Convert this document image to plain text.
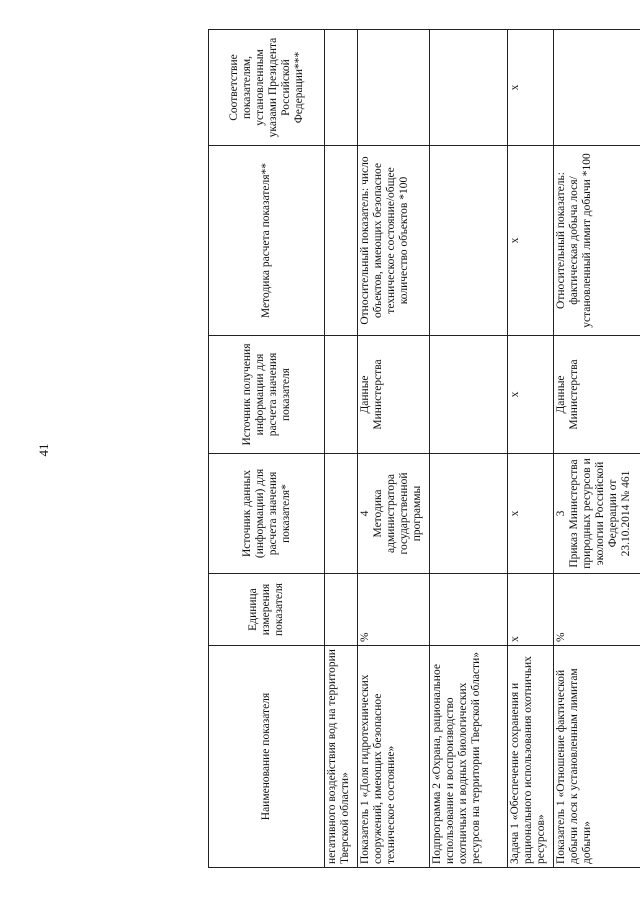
41
Наименование показателя	Единица измерения показателя	Источник данных (информации) для расчета значения показателя*	Источник получения информации для расчета значения показателя	Методика расчета показателя**	Соответствие показателям, установленным указами Президента Российской Федерации***
негативного воздействия вод на территории Тверской области»		

Показатель 1 «Доля гидротехнических сооружений, имеющих безопасное техническое состояние»	%	4 Методика администратора государственной программы	Данные Министерства	Относительный показатель: число объектов, имеющих безопасное техническое состояние/общее количество объектов *100	
Подпрограмма 2 «Охрана, рациональное использование и воспроизводство охотничьих и водных биологических ресурсов на территории Тверской области»		

Задача 1 «Обеспечение сохранения и рационального использования охотничьих ресурсов»	х	х	х	х	х
Показатель 1 «Отношение фактической добычи лося к установленным лимитам добычи»	%	3 Приказ Министерства природных ресурсов и экологии Российской Федерации от 23.10.2014 № 461	Данные Министерства	Относительный показатель: фактическая добыча лося/ установленный лимит добычи *100	
